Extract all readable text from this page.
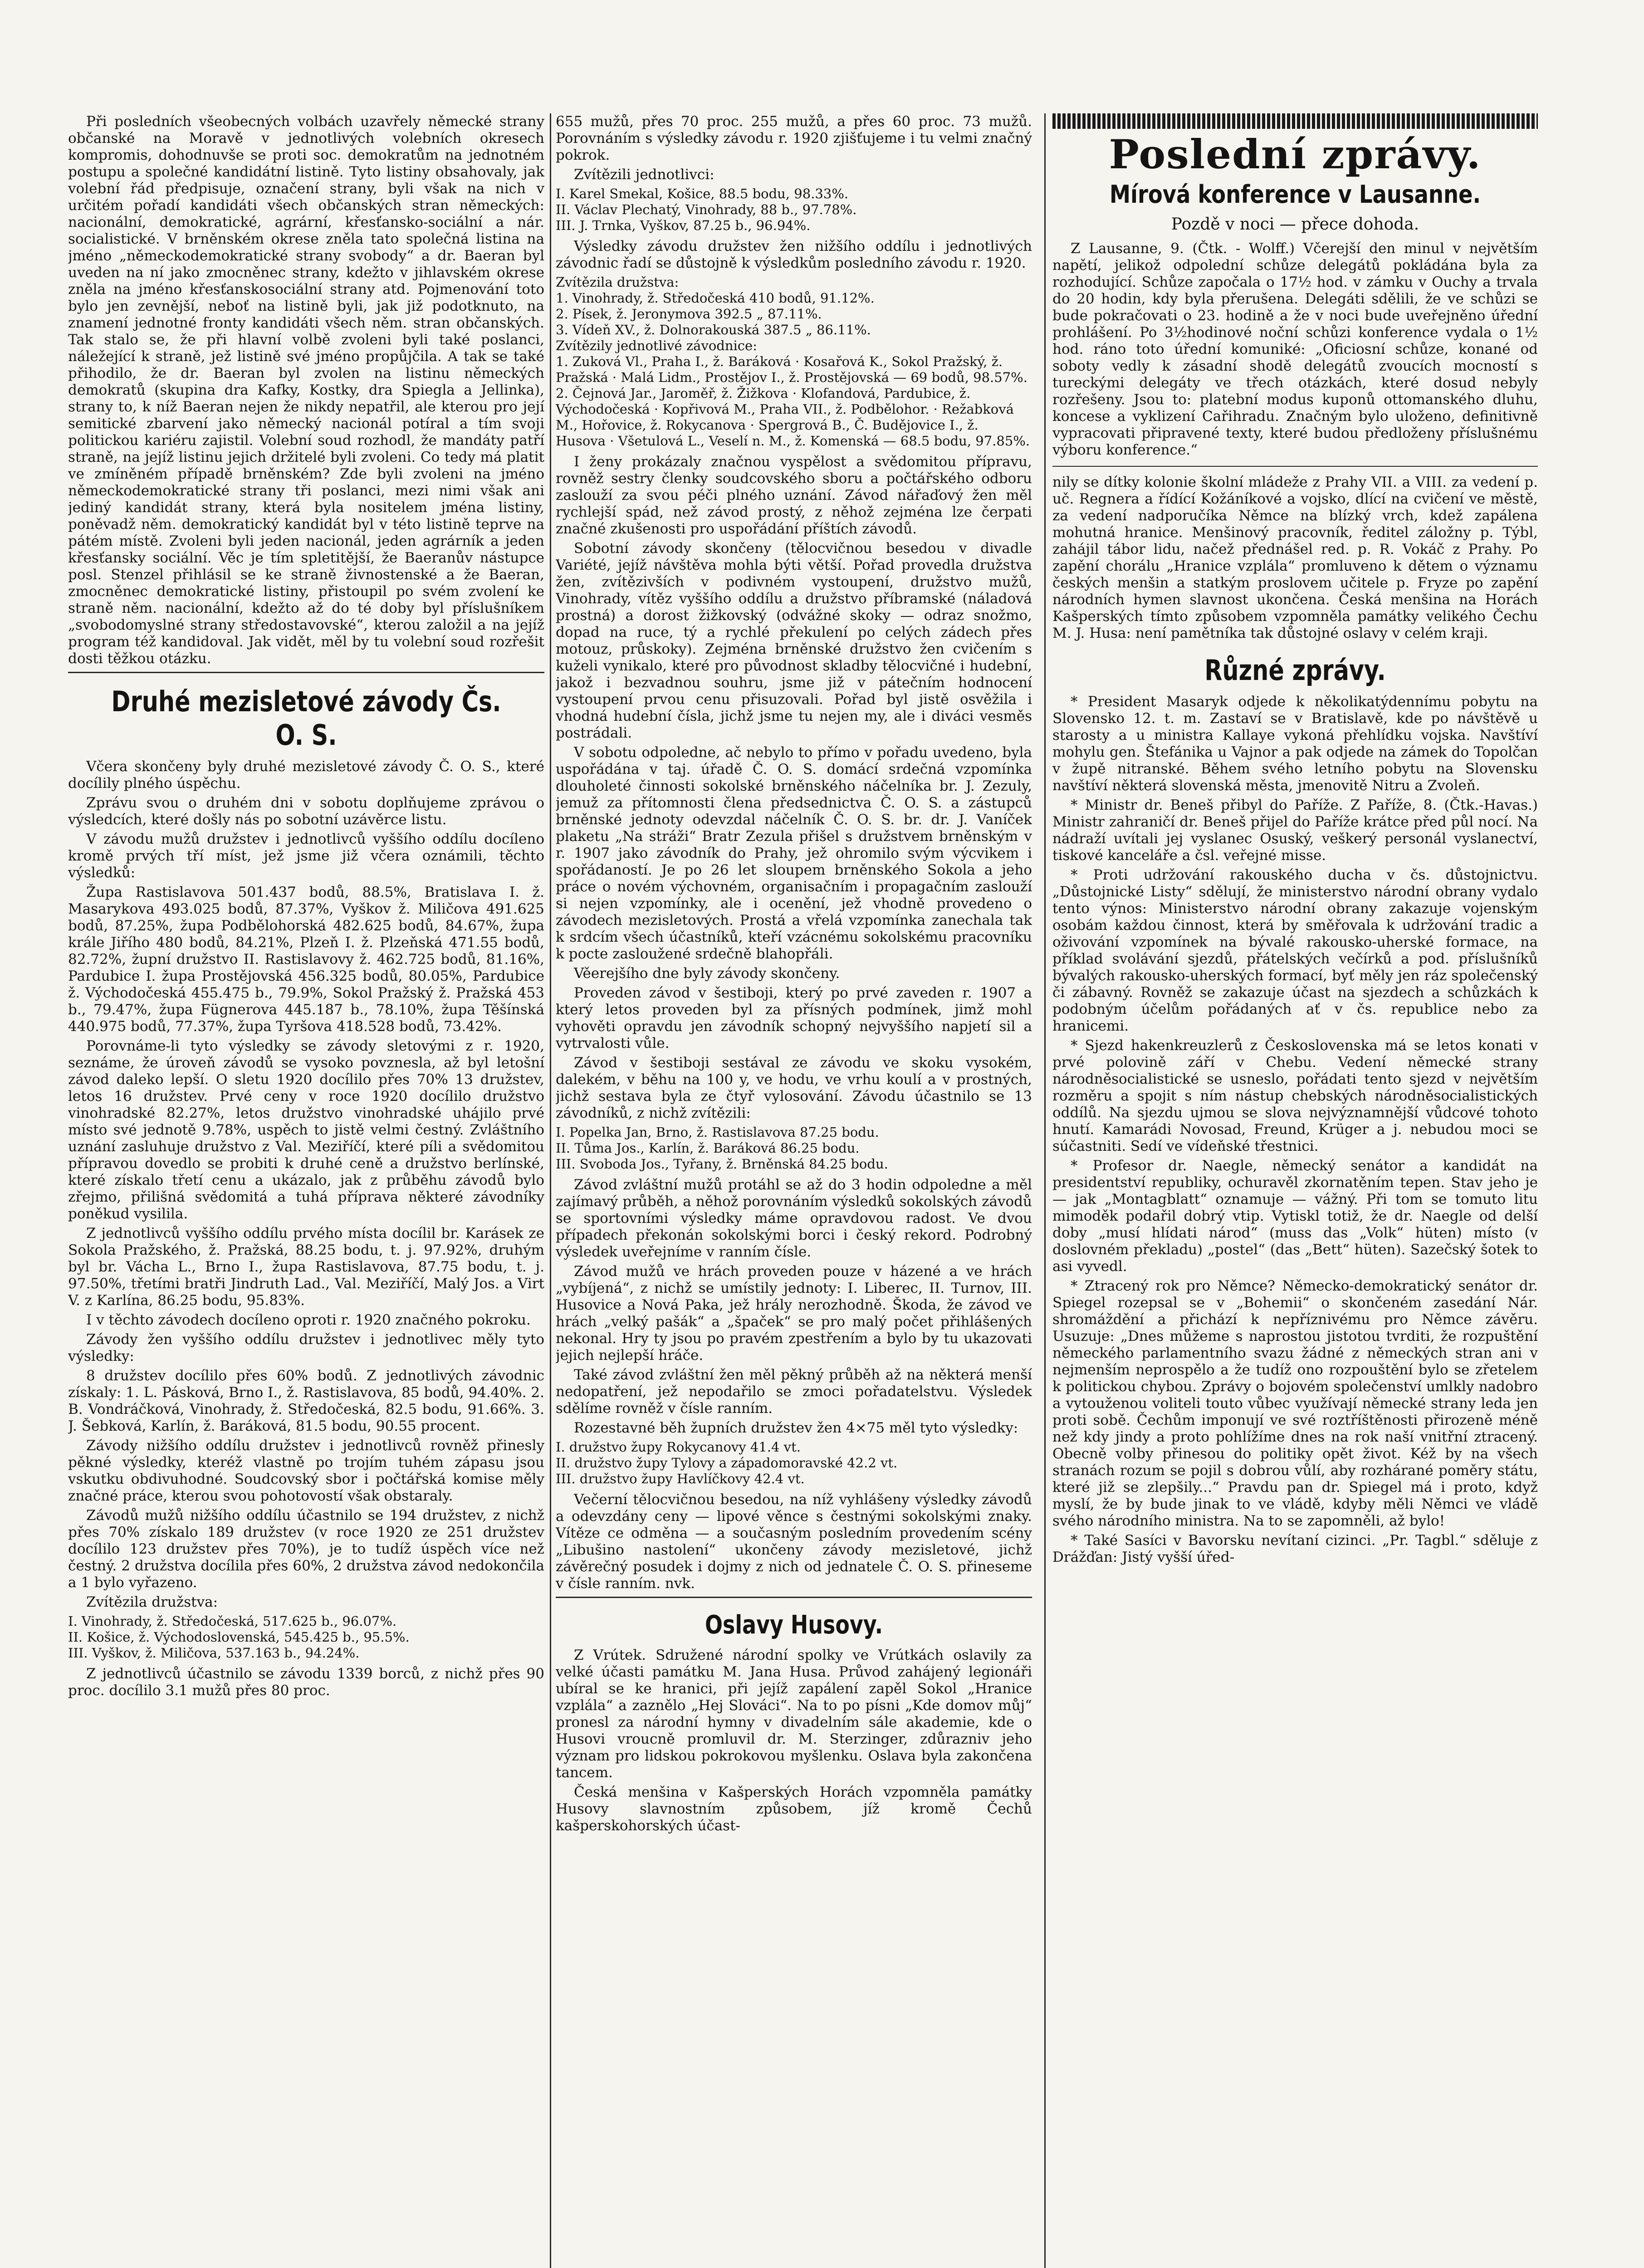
Při posledních všeobecných volbách uzavřely německé strany občanské na Moravě v jednotlivých volebních okresech kompromis, dohodnuvše se proti soc. demokratům na jednotném postupu a společné kandidátní listině. Tyto listiny obsahovaly, jak volební řád předpisuje, označení strany, byli však na nich v určitém pořadí kandidáti všech občanských stran německých: nacionální, demokratické, agrární, křesťansko-sociální a nár. socialistické. V brněnském okrese zněla tato společná listina na jméno „německodemokratické strany svobody“ a dr. Baeran byl uveden na ní jako zmocněnec strany, kdežto v jihlavském okrese zněla na jméno křesťanskosociální strany atd. Pojmenování toto bylo jen zevnější, neboť na listině byli, jak již podotknuto, na znamení jednotné fronty kandidáti všech něm. stran občanských. Tak stalo se, že při hlavní volbě zvoleni byli také poslanci, náležející k straně, jež listině své jméno propůjčila. A tak se také přihodilo, že dr. Baeran byl zvolen na listinu německých demokratů (skupina dra Kafky, Kostky, dra Spiegla a Jellinka), strany to, k níž Baeran nejen že nikdy nepatřil, ale kterou pro její semitické zbarvení jako německý nacionál potíral a tím svoji politickou kariéru zajistil. Volební soud rozhodl, že mandáty patří straně, na jejíž listinu jejich držitelé byli zvoleni. Co tedy má platit ve zmíněném případě brněnském? Zde byli zvoleni na jméno německodemokratické strany tři poslanci, mezi nimi však ani jediný kandidát strany, která byla nositelem jména listiny, poněvadž něm. demokratický kandidát byl v této listině teprve na pátém místě. Zvoleni byli jeden nacionál, jeden agrárník a jeden křesťansky sociální. Věc je tím spletitější, že Baeranův nástupce posl. Stenzel přihlásil se ke straně živnostenské a že Baeran, zmocněnec demokratické listiny, přistoupil po svém zvolení ke straně něm. nacionální, kdežto až do té doby byl příslušníkem „svobodomyslné strany středostavovské“, kterou založil a na jejíž program též kandidoval. Jak vidět, měl by tu volební soud rozřešit dosti těžkou otázku.

Druhé mezisletové závody Čs. O. S.

Včera skončeny byly druhé mezisletové závody Č. O. S., které docílily plného úspěchu.

Zprávu svou o druhém dni v sobotu doplňujeme zprávou o výsledcích, které došly nás po sobotní uzávěrce listu.

V závodu mužů družstev i jednotlivců vyššího oddílu docíleno kromě prvých tří míst, jež jsme již včera oznámili, těchto výsledků:

Župa Rastislavova 501.437 bodů, 88.5%, Bratislava I. ž. Masarykova 493.025 bodů, 87.37%, Vyškov ž. Miličova 491.625 bodů, 87.25%, župa Podbělohorská 482.625 bodů, 84.67%, župa krále Jiřího 480 bodů, 84.21%, Plzeň I. ž. Plzeňská 471.55 bodů, 82.72%, župní družstvo II. Rastislavovy ž. 462.725 bodů, 81.16%, Pardubice I. župa Prostějovská 456.325 bodů, 80.05%, Pardubice ž. Východočeská 455.475 b., 79.9%, Sokol Pražský ž. Pražská 453 b., 79.47%, župa Fügnerova 445.187 b., 78.10%, župa Těšínská 440.975 bodů, 77.37%, župa Tyršova 418.528 bodů, 73.42%.

Porovnáme-li tyto výsledky se závody sletovými z r. 1920, seznáme, že úroveň závodů se vysoko povznesla, až byl letošní závod daleko lepší. O sletu 1920 docílilo přes 70% 13 družstev, letos 16 družstev. Prvé ceny v roce 1920 docílilo družstvo vinohradské 82.27%, letos družstvo vinohradské uhájilo prvé místo své jednotě 9.78%, uspěch to jistě velmi čestný. Zvláštního uznání zasluhuje družstvo z Val. Meziříčí, které píli a svědomitou přípravou dovedlo se probiti k druhé ceně a družstvo berlínské, které získalo třetí cenu a ukázalo, jak z průběhu závodů bylo zřejmo, přilišná svědomitá a tuhá příprava některé závodníky poněkud vysilila.

Z jednotlivců vyššího oddílu prvého místa docílil br. Karásek ze Sokola Pražského, ž. Pražská, 88.25 bodu, t. j. 97.92%, druhým byl br. Vácha L., Brno I., župa Rastislavova, 87.75 bodu, t. j. 97.50%, třetími bratři Jindruth Lad., Val. Meziříčí, Malý Jos. a Virt V. z Karlína, 86.25 bodu, 95.83%.

I v těchto závodech docíleno oproti r. 1920 značného pokroku.

Závody žen vyššího oddílu družstev i jednotlivec měly tyto výsledky:

8 družstev docílilo přes 60% bodů. Z jednotlivých závodnic získaly: 1. L. Pásková, Brno I., ž. Rastislavova, 85 bodů, 94.40%. 2. B. Vondráčková, Vinohrady, ž. Středočeská, 82.5 bodu, 91.66%. 3. J. Šebková, Karlín, ž. Baráková, 81.5 bodu, 90.55 procent.

Závody nižšího oddílu družstev i jednotlivců rovněž přinesly pěkné výsledky, kteréž vlastně po trojím tuhém zápasu jsou vskutku obdivuhodné. Soudcovský sbor i počtářská komise měly značné práce, kterou svou pohotovostí však obstaraly.

Závodů mužů nižšího oddílu účastnilo se 194 družstev, z nichž přes 70% získalo 189 družstev (v roce 1920 ze 251 družstev docílilo 123 družstev přes 70%), je to tudíž úspěch více než čestný. 2 družstva docílila přes 60%, 2 družstva závod nedokončila a 1 bylo vyřazeno.

Zvítězila družstva:

I. Vinohrady, ž. Středočeská, 517.625 b., 96.07%.
II. Košice, ž. Východoslovenská, 545.425 b., 95.5%.
III. Vyškov, ž. Miličova, 537.163 b., 94.24%.

Z jednotlivců účastnilo se závodu 1339 borců, z nichž přes 90 proc. docílilo 3.1 mužů přes 80 proc.

655 mužů, přes 70 proc. 255 mužů, a přes 60 proc. 73 mužů. Porovnáním s výsledky závodu r. 1920 zjišťujeme i tu velmi značný pokrok.

Zvítězili jednotlivci:

I. Karel Smekal, Košice, 88.5 bodu, 98.33%.
II. Václav Plechatý, Vinohrady, 88 b., 97.78%.
III. J. Trnka, Vyškov, 87.25 b., 96.94%.

Výsledky závodu družstev žen nižšího oddílu i jednotlivých závodnic řadí se důstojně k výsledkům posledního závodu r. 1920.

Zvítězila družstva:
1. Vinohrady, ž. Středočeská 410 bodů, 91.12%.
2. Písek, ž. Jeronymova 392.5 „ 87.11%.
3. Vídeň XV., ž. Dolnorakouská 387.5 „ 86.11%.
Zvítězily jednotlivé závodnice:
1. Zuková Vl., Praha I., ž. Baráková · Kosařová K., Sokol Pražský, ž. Pražská · Malá Lidm., Prostějov I., ž. Prostějovská — 69 bodů, 98.57%.
2. Čejnová Jar., Jaroměř, ž. Žižkova · Klofandová, Pardubice, ž. Východočeská · Kopřivová M., Praha VII., ž. Podbělohor. · Režabková M., Hořovice, ž. Rokycanova · Spergrová B., Č. Budějovice I., ž. Husova · Všetulová L., Veselí n. M., ž. Komenská — 68.5 bodu, 97.85%.

I ženy prokázaly značnou vyspělost a svědomitou přípravu, rovněž sestry členky soudcovského sboru a počtářského odboru zaslouží za svou péči plného uznání. Závod nářaďový žen měl rychlejší spád, než závod prostý, z něhož zejména lze čerpati značné zkušenosti pro uspořádání příštích závodů.

Sobotní závody skončeny (tělocvičnou besedou v divadle Variété, jejíž návštěva mohla býti větší. Pořad provedla družstva žen, zvítězivších v podivném vystoupení, družstvo mužů, Vinohrady, vítěz vyššího oddílu a družstvo příbramské (náladová prostná) a dorost žižkovský (odvážné skoky — odraz snožmo, dopad na ruce, tý a rychlé překulení po celých zádech přes motouz, průskoky). Zejména brněnské družstvo žen cvičením s kuželi vynikalo, které pro původnost skladby tělocvičné i hudební, jakož i bezvadnou souhru, jsme již v pátečním hodnocení vystoupení prvou cenu přisuzovali. Pořad byl jistě osvěžila i vhodná hudební čísla, jichž jsme tu nejen my, ale i diváci vesměs postrádali.

V sobotu odpoledne, ač nebylo to přímo v pořadu uvedeno, byla uspořádána v taj. úřadě Č. O. S. domácí srdečná vzpomínka dlouholeté činnosti sokolské brněnského náčelníka br. J. Zezuly, jemuž za přítomnosti člena předsednictva Č. O. S. a zástupců brněnské jednoty odevzdal náčelník Č. O. S. br. dr. J. Vaníček plaketu „Na stráži“ Bratr Zezula přišel s družstvem brněnským v r. 1907 jako závodník do Prahy, jež ohromilo svým výcvikem i spořádaností. Je po 26 let sloupem brněnského Sokola a jeho práce o novém výchovném, organisačním i propagačním zaslouží si nejen vzpomínky, ale i ocenění, jež vhodně provedeno o závodech mezisletových. Prostá a vřelá vzpomínka zanechala tak k srdcím všech účastníků, kteří vzácnému sokolskému pracovníku k pocte zasloužené srdečně blahopřáli.

Věerejšího dne byly závody skončeny.

Proveden závod v šestiboji, který po prvé zaveden r. 1907 a který letos proveden byl za přísných podmínek, jimž mohl vyhověti opravdu jen závodník schopný nejvyššího napjetí sil a vytrvalosti vůle.

Závod v šestiboji sestával ze závodu ve skoku vysokém, dalekém, v běhu na 100 y, ve hodu, ve vrhu koulí a v prostných, jichž sestava byla ze čtyř vylosování. Závodu účastnilo se 13 závodníků, z nichž zvítězili:

I. Popelka Jan, Brno, ž. Rastislavova 87.25 bodu.
II. Tůma Jos., Karlín, ž. Baráková 86.25 bodu.
III. Svoboda Jos., Tyřany, ž. Brněnská 84.25 bodu.

Závod zvláštní mužů protáhl se až do 3 hodin odpoledne a měl zajímavý průběh, a něhož porovnáním výsledků sokolských závodů se sportovními výsledky máme opravdovou radost. Ve dvou případech překonán sokolskými borci i český rekord. Podrobný výsledek uveřejníme v ranním čísle.

Závod mužů ve hrách proveden pouze v házené a ve hrách „vybíjená“, z nichž se umístily jednoty: I. Liberec, II. Turnov, III. Husovice a Nová Paka, jež hrály nerozhodně. Škoda, že závod ve hrách „velký pašák“ a „špaček“ se pro malý počet přihlášených nekonal. Hry ty jsou po pravém zpestřením a bylo by tu ukazovati jejich nejlepší hráče.

Také závod zvláštní žen měl pěkný průběh až na některá menší nedopatření, jež nepodařilo se zmoci pořadatelstvu. Výsledek sdělíme rovněž v čísle ranním.

Rozestavné běh župních družstev žen 4×75 měl tyto výsledky:

I. družstvo župy Rokycanovy 41.4 vt.
II. družstvo župy Tylovy a západomoravské 42.2 vt.
III. družstvo župy Havlíčkovy 42.4 vt.

Večerní tělocvičnou besedou, na níž vyhlášeny výsledky závodů a odevzdány ceny — lipové věnce s čestnými sokolskými znaky. Vítěze ce odměna — a současným posledním provedením scény „Libušino nastolení“ ukončeny závody mezisletové, jichž závěrečný posudek i dojmy z nich od jednatele Č. O. S. přineseme v čísle ranním. nvk.

Oslavy Husovy.

Z Vrútek. Sdružené národní spolky ve Vrútkách oslavily za velké účasti památku M. Jana Husa. Průvod zahájený legionáři ubíral se ke hranici, při jejíž zapálení zapěl Sokol „Hranice vzplála“ a zaznělo „Hej Slováci“. Na to po písni „Kde domov můj“ pronesl za národní hymny v divadelním sále akademie, kde o Husovi vroucně promluvil dr. M. Sterzinger, zdůrazniv jeho význam pro lidskou pokrokovou myšlenku. Oslava byla zakončena tancem.

Česká menšina v Kašperských Horách vzpomněla památky Husovy slavnostním způsobem, jíž kromě Čechů kašperskohorských účast-

Poslední zprávy.
Mírová konference v Lausanne.
Pozdě v noci — přece dohoda.

Z Lausanne, 9. (Čtk. - Wolff.) Včerejší den minul v největším napětí, jelikož odpolední schůze delegátů pokládána byla za rozhodující. Schůze započala o 17½ hod. v zámku v Ouchy a trvala do 20 hodin, kdy byla přerušena. Delegáti sdělili, že ve schůzi se bude pokračovati o 23. hodině a že v noci bude uveřejněno úřední prohlášení. Po 3½hodinové noční schůzi konference vydala o 1½ hod. ráno toto úřední komuniké: „Oficiosní schůze, konané od soboty vedly k zásadní shodě delegátů zvoucích mocností s tureckými delegáty ve třech otázkách, které dosud nebyly rozřešeny. Jsou to: platební modus kuponů ottomanského dluhu, koncese a vyklizení Cařihradu. Značným bylo uloženo, definitivně vypracovati připravené texty, které budou předloženy příslušnému výboru konference.“

nily se dítky kolonie školní mládeže z Prahy VII. a VIII. za vedení p. uč. Regnera a řídící Kožáníkové a vojsko, dlící na cvičení ve městě, za vedení nadporučíka Němce na blízký vrch, kdež zapálena mohutná hranice. Menšinový pracovník, ředitel záložny p. Týbl, zahájil tábor lidu, načež přednášel red. p. R. Vokáč z Prahy. Po zapění chorálu „Hranice vzplála“ promluveno k dětem o významu českých menšin a statkým proslovem učitele p. Fryze po zapění národních hymen slavnost ukončena. Česká menšina na Horách Kašperských tímto způsobem vzpomněla památky velikého Čechu M. J. Husa: není pamětníka tak důstojné oslavy v celém kraji.

Různé zprávy.

* President Masaryk odjede k několikatýdennímu pobytu na Slovensko 12. t. m. Zastaví se v Bratislavě, kde po návštěvě u starosty a u ministra Kallaye vykoná přehlídku vojska. Navštíví mohylu gen. Štefánika u Vajnor a pak odjede na zámek do Topolčan v župě nitranské. Během svého letního pobytu na Slovensku navštíví některá slovenská města, jmenovitě Nitru a Zvoleň.

* Ministr dr. Beneš přibyl do Paříže. Z Paříže, 8. (Čtk.-Havas.) Ministr zahraničí dr. Beneš přijel do Paříže krátce před půl nocí. Na nádraží uvítali jej vyslanec Osuský, veškerý personál vyslanectví, tiskové kanceláře a čsl. veřejné misse.

* Proti udržování rakouského ducha v čs. důstojnictvu. „Důstojnické Listy“ sdělují, že ministerstvo národní obrany vydalo tento výnos: Ministerstvo národní obrany zakazuje vojenským osobám každou činnost, která by směřovala k udržování tradic a oživování vzpomínek na bývalé rakousko-uherské formace, na příklad svolávání sjezdů, přátelských večírků a pod. příslušníků bývalých rakousko-uherských formací, byť měly jen ráz společenský či zábavný. Rovněž se zakazuje účast na sjezdech a schůzkách k podobným účelům pořádaných ať v čs. republice nebo za hranicemi.

* Sjezd hakenkreuzlerů z Československa má se letos konati v prvé polovině září v Chebu. Vedení německé strany národněsocialistické se usneslo, pořádati tento sjezd v největším rozměru a spojit s ním nástup chebských národněsocialistických oddílů. Na sjezdu ujmou se slova nejvýznamnější vůdcové tohoto hnutí. Kamarádi Novosad, Freund, Krüger a j. nebudou moci se súčastniti. Sedí ve vídeňské třestnici.

* Profesor dr. Naegle, německý senátor a kandidát na presidentství republiky, ochuravěl zkornatěním tepen. Stav jeho je — jak „Montagblatt“ oznamuje — vážný. Při tom se tomuto litu mimoděk podařil dobrý vtip. Vytiskl totiž, že dr. Naegle od delší doby „musí hlídati národ“ (muss das „Volk“ hüten) místo (v doslovném překladu) „postel“ (das „Bett“ hüten). Sazečský šotek to asi vyvedl.

* Ztracený rok pro Němce? Německo-demokratický senátor dr. Spiegel rozepsal se v „Bohemii“ o skončeném zasedání Nár. shromáždění a přichází k nepříznivému pro Němce závěru. Usuzuje: „Dnes můžeme s naprostou jistotou tvrditi, že rozpuštění německého parlamentního svazu žádné z německých stran ani v nejmenším neprospělo a že tudíž ono rozpouštění bylo se zřetelem k politickou chybou. Zprávy o bojovém společenství umlkly nadobro a vytouženou voliteli touto vůbec využívají německé strany leda jen proti sobě. Čechům imponují ve své roztříštěnosti přirozeně méně než kdy jindy a proto pohlížíme dnes na rok naší vnitřní ztracený. Obecně volby přinesou do politiky opět život. Kéž by na všech stranách rozum se pojil s dobrou vůlí, aby rozhárané poměry státu, které již se zlepšily...“ Pravdu pan dr. Spiegel má i proto, když myslí, že by bude jinak to ve vládě, kdyby měli Němci ve vládě svého národního ministra. Na to se zapomněli, až bylo!

* Také Sasíci v Bavorsku nevítaní cizinci. „Pr. Tagbl.“ sděluje z Drážďan: Jistý vyšší úřed-
